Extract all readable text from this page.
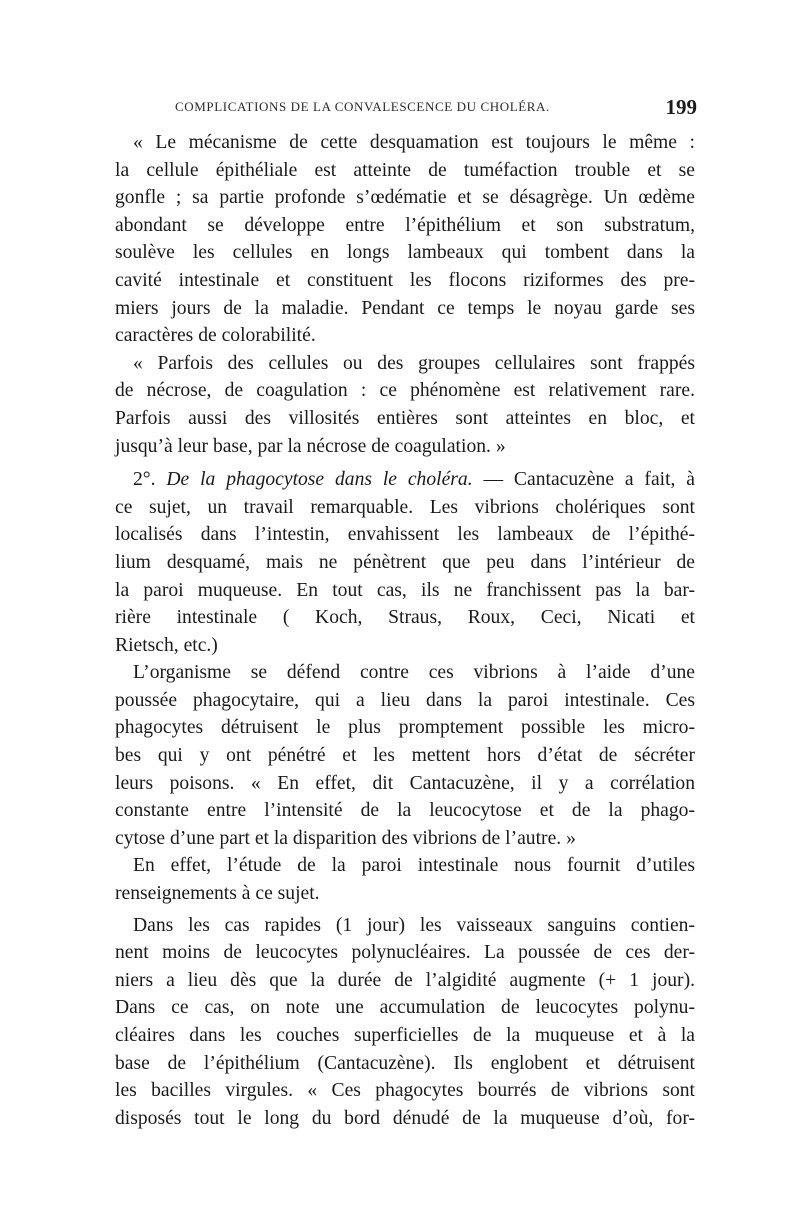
COMPLICATIONS DE LA CONVALESCENCE DU CHOLÉRA.	199

« Le mécanisme de cette desquamation est toujours le même :
la cellule épithéliale est atteinte de tuméfaction trouble et se
gonfle ; sa partie profonde s’œdématie et se désagrège. Un œdème
abondant se développe entre l’épithélium et son substratum,
soulève les cellules en longs lambeaux qui tombent dans la
cavité intestinale et constituent les flocons riziformes des pre-
miers jours de la maladie. Pendant ce temps le noyau garde ses
caractères de colorabilité.

« Parfois des cellules ou des groupes cellulaires sont frappés
de nécrose, de coagulation : ce phénomène est relativement rare.
Parfois aussi des villosités entières sont atteintes en bloc, et
jusqu’à leur base, par la nécrose de coagulation. »

2°. De la phagocytose dans le choléra. — Cantacuzène a fait, à
ce sujet, un travail remarquable. Les vibrions cholériques sont
localisés dans l’intestin, envahissent les lambeaux de l’épithé-
lium desquamé, mais ne pénètrent que peu dans l’intérieur de
la paroi muqueuse. En tout cas, ils ne franchissent pas la bar-
rière intestinale ( Koch, Straus, Roux, Ceci, Nicati et
Rietsch, etc.)

L’organisme se défend contre ces vibrions à l’aide d’une
poussée phagocytaire, qui a lieu dans la paroi intestinale. Ces
phagocytes détruisent le plus promptement possible les micro-
bes qui y ont pénétré et les mettent hors d’état de sécréter
leurs poisons. « En effet, dit Cantacuzène, il y a corrélation
constante entre l’intensité de la leucocytose et de la phago-
cytose d’une part et la disparition des vibrions de l’autre. »

En effet, l’étude de la paroi intestinale nous fournit d’utiles
renseignements à ce sujet.

Dans les cas rapides (1 jour) les vaisseaux sanguins contien-
nent moins de leucocytes polynucléaires. La poussée de ces der-
niers a lieu dès que la durée de l’algidité augmente (+ 1 jour).
Dans ce cas, on note une accumulation de leucocytes polynu-
cléaires dans les couches superficielles de la muqueuse et à la
base de l’épithélium (Cantacuzène). Ils englobent et détruisent
les bacilles virgules. « Ces phagocytes bourrés de vibrions sont
disposés tout le long du bord dénudé de la muqueuse d’où, for-
